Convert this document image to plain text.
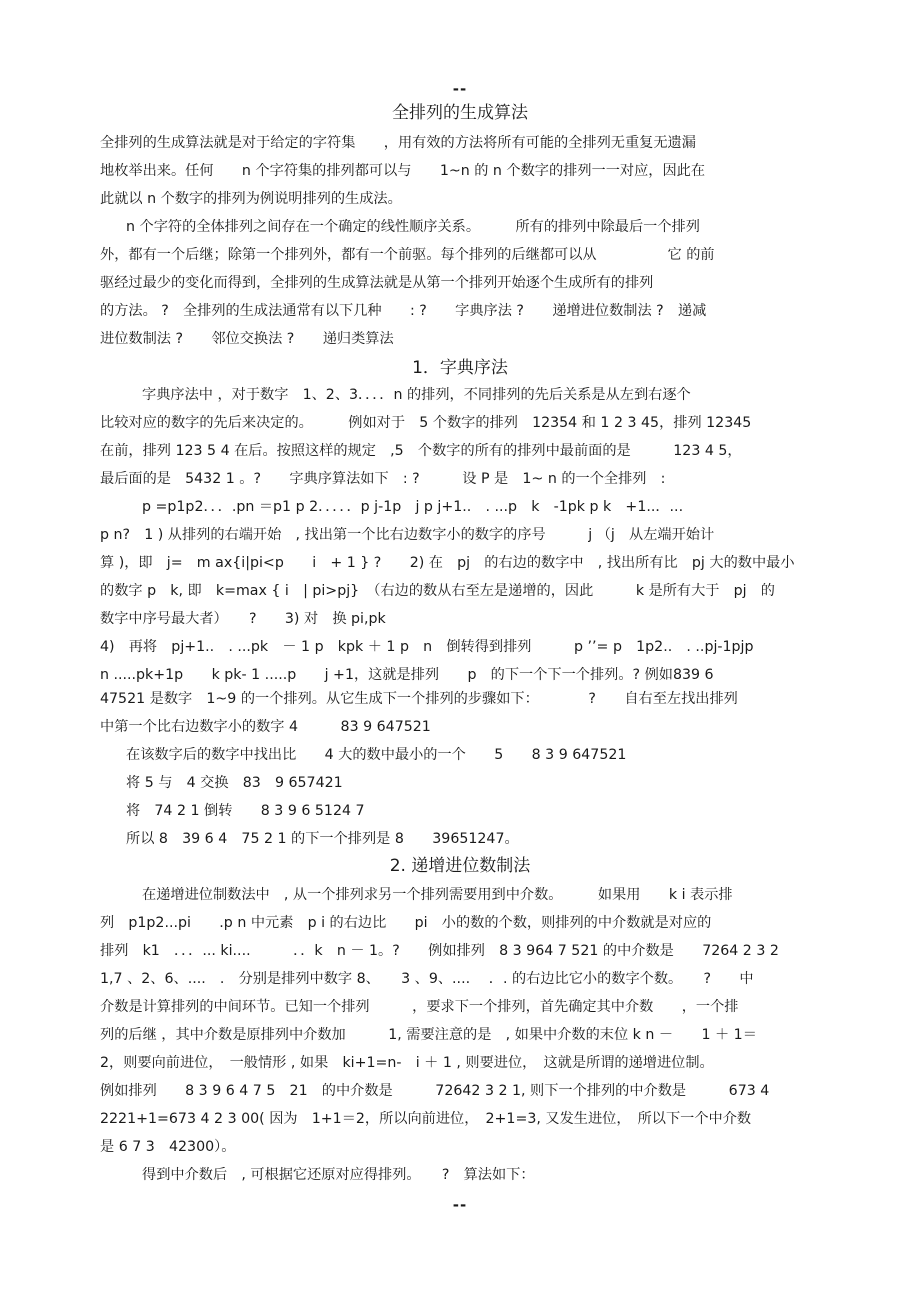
--
全排列的生成算法
全排列的生成算法就是对于给定的字符集　　，用有效的方法将所有可能的全排列无重复无遗漏
地枚举出来。任何　　n 个字符集的排列都可以与　　1~n 的 n 个数字的排列一一对应，因此在
此就以 n 个数字的排列为例说明排列的生成法。
n 个字符的全体排列之间存在一个确定的线性顺序关系。　　　所有的排列中除最后一个排列
外，都有一个后继；除第一个排列外，都有一个前驱。每个排列的后继都可以从　　　　　它 的前
驱经过最少的变化而得到，全排列的生成算法就是从第一个排列开始逐个生成所有的排列
的方法。 ?　全排列的生成法通常有以下几种　　: ?　　字典序法 ?　　递增进位数制法 ?　递减
进位数制法 ?　　邻位交换法 ?　　递归类算法
1．字典序法
字典序法中 ，对于数字　1、2、3．．．．n 的排列，不同排列的先后关系是从左到右逐个
比较对应的数字的先后来决定的。　　　例如对于　5 个数字的排列　12354 和 1 2 3 45，排列 12345
在前，排列 123 5 4 在后。按照这样的规定　,5　个数字的所有的排列中最前面的是　　　123 4 5，
最后面的是　5432 1 。?　　字典序算法如下　: ?　　　设 P 是　1~ n 的一个全排列　:
p =p1p2．．．.pn ＝p1 p 2．．．．．p j-1p　j p j+1..　. ...p　k　-1pk p k　+1..．...
p n?　1 ) 从排列的右端开始　, 找出第一个比右边数字小的数字的序号　　　j （j　从左端开始计
算 )，即　j=　m ax{i|pi<p　　i　+ 1 } ?　　2) 在　pj　的右边的数字中　, 找出所有比　pj 大的数中最小
的数字 p　k, 即　k=max { i　| pi>pj}　（右边的数从右至左是递增的，因此　　　k 是所有大于　pj　的
数字中序号最大者）　　?　　3) 对　换 pi,pk
4)　再将　pj+1..　. ...pk　－ 1 p　kpk ＋ 1 p　n　倒转得到排列　　　p ’’= p　1p2..　. ..pj-1pjp
n .....pk+1p　　k pk- 1 .....p　　j +1，这就是排列　　p　的下一个下一个排列。? 例如839 6
47521 是数字　1~9 的一个排列。从它生成下一个排列的步骤如下：　　　　?　　自右至左找出排列
中第一个比右边数字小的数字 4　　　83 9 647521
在该数字后的数字中找出比　　4 大的数中最小的一个　　5　　8 3 9 647521
将 5 与　4 交换　83　9 657421
将　74 2 1 倒转　　8 3 9 6 5124 7
所以 8　39 6 4　75 2 1 的下一个排列是 8　　39651247。
2. 递增进位数制法
在递增进位制数法中　, 从一个排列求另一个排列需要用到中介数。　　　如果用　　k i 表示排
列　p1p2...pi　　.p n 中元素　p i 的右边比　　pi　小的数的个数，则排列的中介数就是对应的
排列　k1　．．．... ki....　　　．．k　n － 1。?　　例如排列　8 3 964 7 521 的中介数是　　7264 2 3 2
1,7 、2、6、....　.　分别是排列中数字 8、　　3 、9、.... 　．. 的右边比它小的数字个数。　　?　　中
介数是计算排列的中间环节。已知一个排列　　　，要求下一个排列，首先确定其中介数　　，一个排
列的后继 ，其中介数是原排列中介数加　　　1, 需要注意的是　, 如果中介数的末位 k n －　　1 ＋ 1＝
2，则要向前进位，　一般情形 , 如果　ki+1=n-　i ＋ 1 , 则要进位，　这就是所谓的递增进位制。
例如排列　　8 3 9 6 4 7 5　21　的中介数是　　　72642 3 2 1, 则下一个排列的中介数是　　　673 4
2221+1=673 4 2 3 00( 因为　1+1＝2，所以向前进位，　2+1=3, 又发生进位，　所以下一个中介数
是 6 7 3　42300）。
得到中介数后　, 可根据它还原对应得排列。　　?　算法如下：
--
